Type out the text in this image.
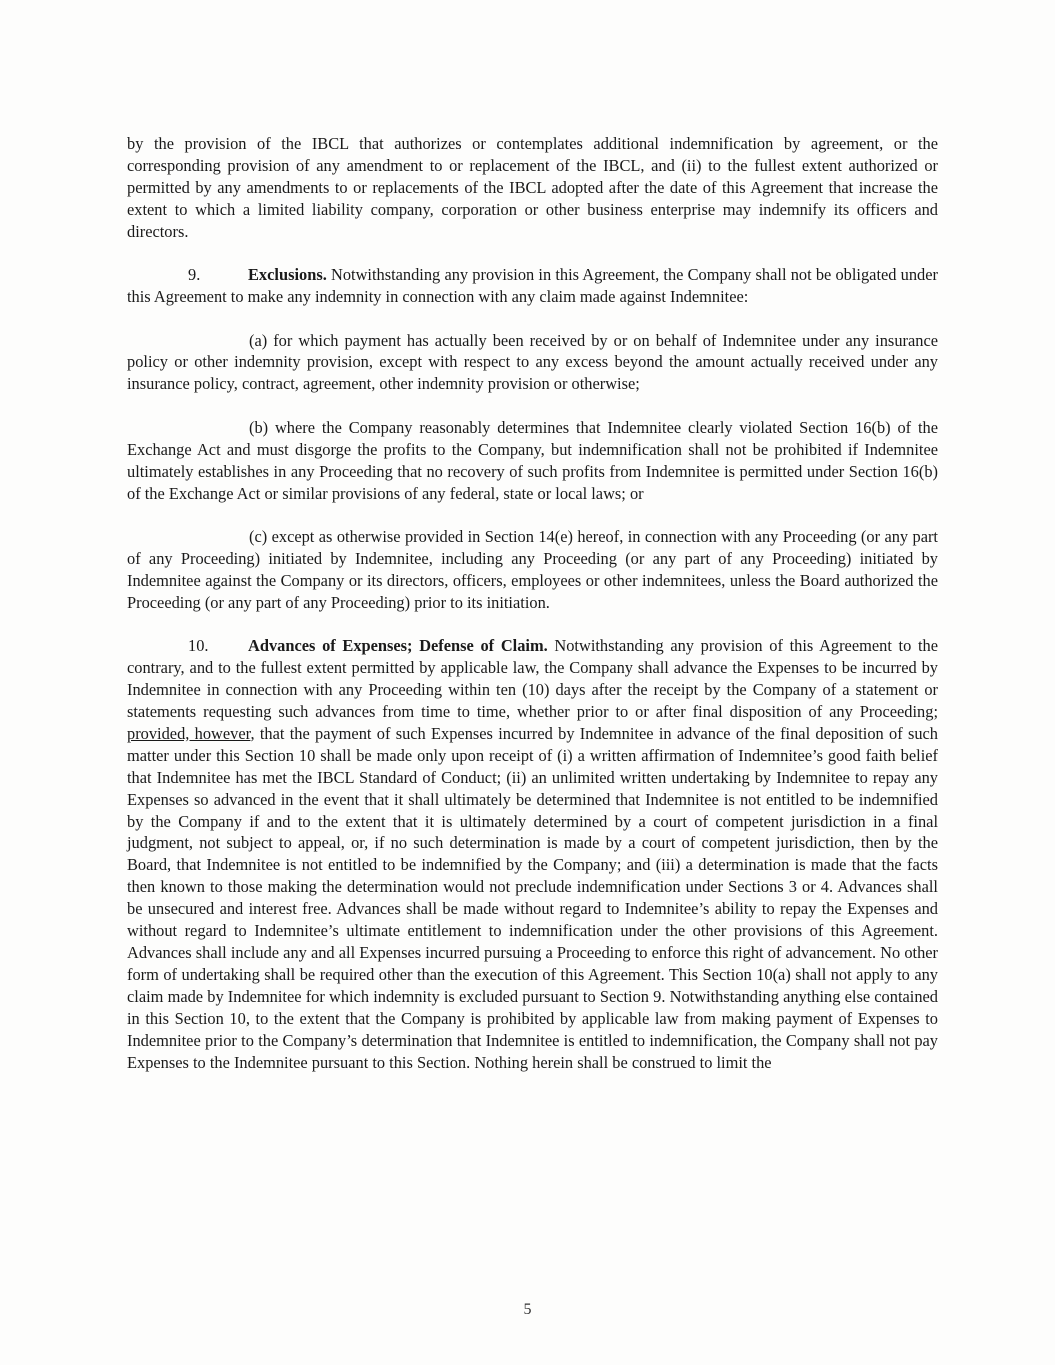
by the provision of the IBCL that authorizes or contemplates additional indemnification by agreement, or the corresponding provision of any amendment to or replacement of the IBCL, and (ii) to the fullest extent authorized or permitted by any amendments to or replacements of the IBCL adopted after the date of this Agreement that increase the extent to which a limited liability company, corporation or other business enterprise may indemnify its officers and directors.

9.	Exclusions. Notwithstanding any provision in this Agreement, the Company shall not be obligated under this Agreement to make any indemnity in connection with any claim made against Indemnitee:

(a) for which payment has actually been received by or on behalf of Indemnitee under any insurance policy or other indemnity provision, except with respect to any excess beyond the amount actually received under any insurance policy, contract, agreement, other indemnity provision or otherwise;

(b) where the Company reasonably determines that Indemnitee clearly violated Section 16(b) of the Exchange Act and must disgorge the profits to the Company, but indemnification shall not be prohibited if Indemnitee ultimately establishes in any Proceeding that no recovery of such profits from Indemnitee is permitted under Section 16(b) of the Exchange Act or similar provisions of any federal, state or local laws; or

(c) except as otherwise provided in Section 14(e) hereof, in connection with any Proceeding (or any part of any Proceeding) initiated by Indemnitee, including any Proceeding (or any part of any Proceeding) initiated by Indemnitee against the Company or its directors, officers, employees or other indemnitees, unless the Board authorized the Proceeding (or any part of any Proceeding) prior to its initiation.

10. Advances of Expenses; Defense of Claim. Notwithstanding any provision of this Agreement to the contrary, and to the fullest extent permitted by applicable law, the Company shall advance the Expenses to be incurred by Indemnitee in connection with any Proceeding within ten (10) days after the receipt by the Company of a statement or statements requesting such advances from time to time, whether prior to or after final disposition of any Proceeding; provided, however, that the payment of such Expenses incurred by Indemnitee in advance of the final deposition of such matter under this Section 10 shall be made only upon receipt of (i) a written affirmation of Indemnitee’s good faith belief that Indemnitee has met the IBCL Standard of Conduct; (ii) an unlimited written undertaking by Indemnitee to repay any Expenses so advanced in the event that it shall ultimately be determined that Indemnitee is not entitled to be indemnified by the Company if and to the extent that it is ultimately determined by a court of competent jurisdiction in a final judgment, not subject to appeal, or, if no such determination is made by a court of competent jurisdiction, then by the Board, that Indemnitee is not entitled to be indemnified by the Company; and (iii) a determination is made that the facts then known to those making the determination would not preclude indemnification under Sections 3 or 4. Advances shall be unsecured and interest free. Advances shall be made without regard to Indemnitee’s ability to repay the Expenses and without regard to Indemnitee’s ultimate entitlement to indemnification under the other provisions of this Agreement. Advances shall include any and all Expenses incurred pursuing a Proceeding to enforce this right of advancement. No other form of undertaking shall be required other than the execution of this Agreement. This Section 10(a) shall not apply to any claim made by Indemnitee for which indemnity is excluded pursuant to Section 9. Notwithstanding anything else contained in this Section 10, to the extent that the Company is prohibited by applicable law from making payment of Expenses to Indemnitee prior to the Company’s determination that Indemnitee is entitled to indemnification, the Company shall not pay Expenses to the Indemnitee pursuant to this Section. Nothing herein shall be construed to limit the

5
